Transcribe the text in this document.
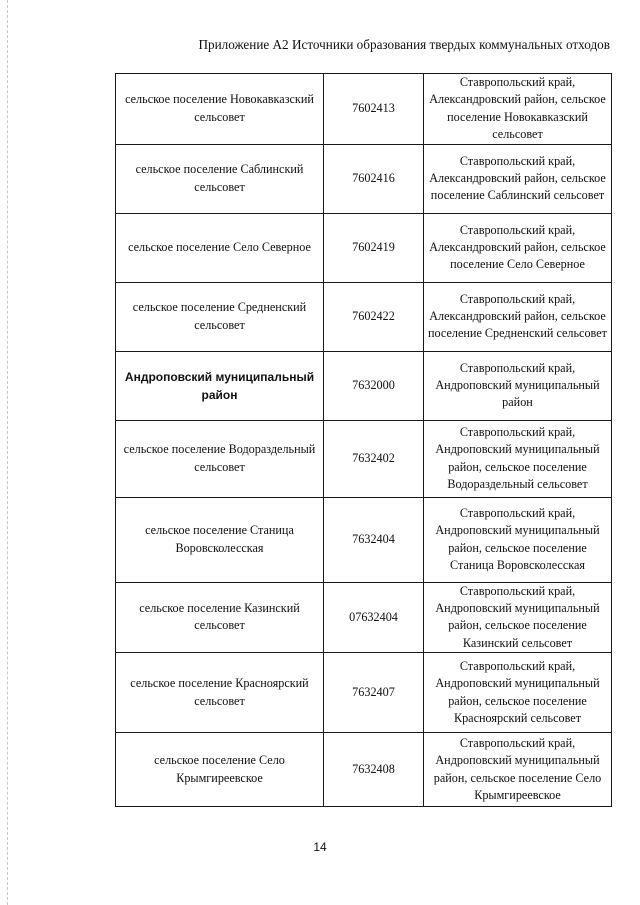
Приложение А2 Источники образования твердых коммунальных отходов
сельское поселение Новокавказский сельсовет	7602413	Ставропольский край, Александровский район, сельское поселение Новокавказский сельсовет
сельское поселение Саблинский сельсовет	7602416	Ставропольский край, Александровский район, сельское поселение Саблинский сельсовет
сельское поселение Село Северное	7602419	Ставропольский край, Александровский район, сельское поселение Село Северное
сельское поселение Средненский сельсовет	7602422	Ставропольский край, Александровский район, сельское поселение Средненский сельсовет
Андроповский муниципальный район	7632000	Ставропольский край, Андроповский муниципальный район
сельское поселение Водораздельный сельсовет	7632402	Ставропольский край, Андроповский муниципальный район, сельское поселение Водораздельный сельсовет
сельское поселение Станица Воровсколесская	7632404	Ставропольский край, Андроповский муниципальный район, сельское поселение Станица Воровсколесская
сельское поселение Казинский сельсовет	07632404	Ставропольский край, Андроповский муниципальный район, сельское поселение Казинский сельсовет
сельское поселение Красноярский сельсовет	7632407	Ставропольский край, Андроповский муниципальный район, сельское поселение Красноярский сельсовет
сельское поселение Село Крымгиреевское	7632408	Ставропольский край, Андроповский муниципальный район, сельское поселение Село Крымгиреевское
14
